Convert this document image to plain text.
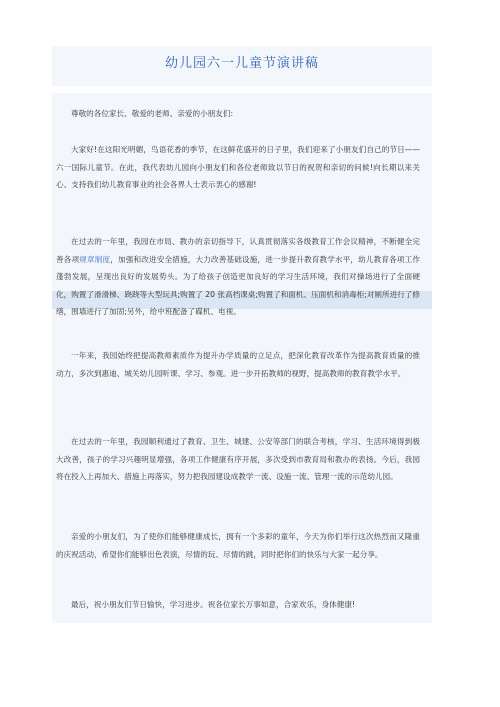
幼儿园六一儿童节演讲稿

尊敬的各位家长、敬爱的老师、亲爱的小朋友们:

大家好!在这阳光明媚，鸟语花香的季节，在这鲜花盛开的日子里，我们迎来了小朋友们自己的节日——六一国际儿童节。在此，我代表幼儿园向小朋友们和各位老师致以节日的祝贺和亲切的问候!向长期以来关心、支持我们幼儿教育事业的社会各界人士表示衷心的感谢!

在过去的一年里，我园在市局、教办的亲切指导下，认真贯彻落实各级教育工作会议精神，不断健全完善各项规章制度，加强和改进安全措施，大力改善基础设施，进一步提升教育教学水平，幼儿教育各项工作蓬勃发展，呈现出良好的发展势头。为了给孩子创造更加良好的学习生活环境，我们对操场进行了全面硬化，购置了滑滑梯、跷跷等大型玩具;购置了 20 张高档课桌;购置了和面机、压面机和消毒柜;对厕所进行了修缮，围墙进行了加固;另外，给中班配备了碟机、电视。

一年来，我园始终把提高教师素质作为提升办学质量的立足点，把深化教育改革作为提高教育质量的推动力，多次到惠迪、城关幼儿园听课、学习、参观。进一步开拓教师的视野，提高教师的教育教学水平。

在过去的一年里，我园顺利通过了教育、卫生、城建、公安等部门的联合考核，学习、生活环境得到极大改善，孩子的学习兴趣明显增强，各项工作健康有序开展，多次受到市教育局和教办的表扬。今后，我园将在投入上再加大、措施上再落实，努力把我园建设成教学一流、设施一流、管理一流的示范幼儿园。

亲爱的小朋友们，为了使你们能够健康成长，拥有一个多彩的童年，今天为你们举行这次热烈而又隆重的庆祝活动，希望你们能够出色表演，尽情的玩、尽情的跳，同时把你们的快乐与大家一起分享。

最后，祝小朋友们节日愉快，学习进步。祝各位家长万事如意，合家欢乐，身体健康!
